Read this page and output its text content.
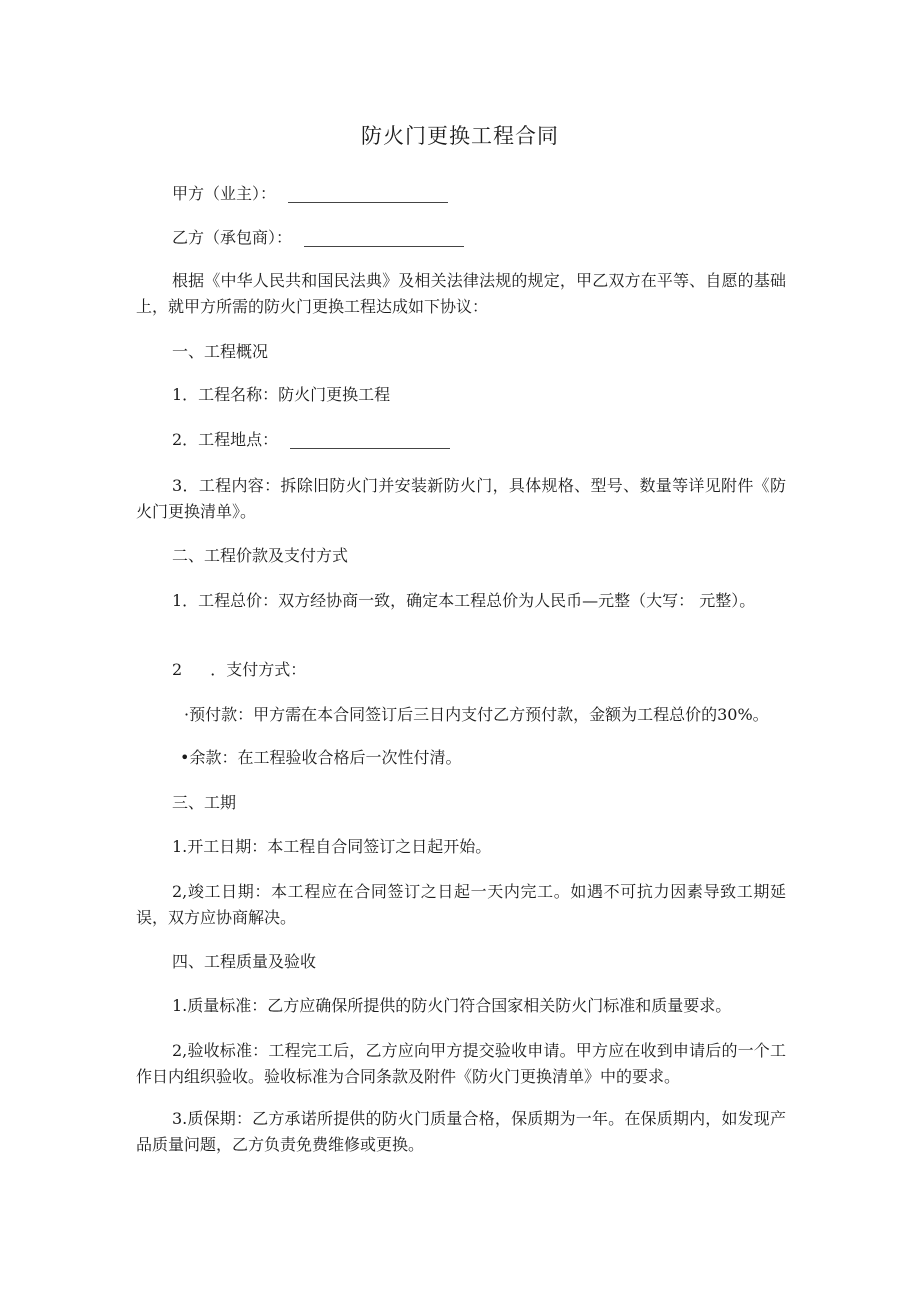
防火门更换工程合同
甲方（业主）：
乙方（承包商）：
根据《中华人民共和国民法典》及相关法律法规的规定，甲乙双方在平等、自愿的基础上，就甲方所需的防火门更换工程达成如下协议：
一、工程概况
1．工程名称：防火门更换工程
2．工程地点：
3．工程内容：拆除旧防火门并安装新防火门，具体规格、型号、数量等详见附件《防火门更换清单》。
二、工程价款及支付方式
1．工程总价：双方经协商一致，确定本工程总价为人民币—元整（大写： 元整）。
2 ．支付方式：
·预付款：甲方需在本合同签订后三日内支付乙方预付款，金额为工程总价的30%。
•余款：在工程验收合格后一次性付清。
三、工期
1.开工日期：本工程自合同签订之日起开始。
2,竣工日期：本工程应在合同签订之日起一天内完工。如遇不可抗力因素导致工期延误，双方应协商解决。
四、工程质量及验收
1.质量标准：乙方应确保所提供的防火门符合国家相关防火门标准和质量要求。
2,验收标准：工程完工后，乙方应向甲方提交验收申请。甲方应在收到申请后的一个工作日内组织验收。验收标准为合同条款及附件《防火门更换清单》中的要求。
3.质保期：乙方承诺所提供的防火门质量合格，保质期为一年。在保质期内，如发现产品质量问题，乙方负责免费维修或更换。
